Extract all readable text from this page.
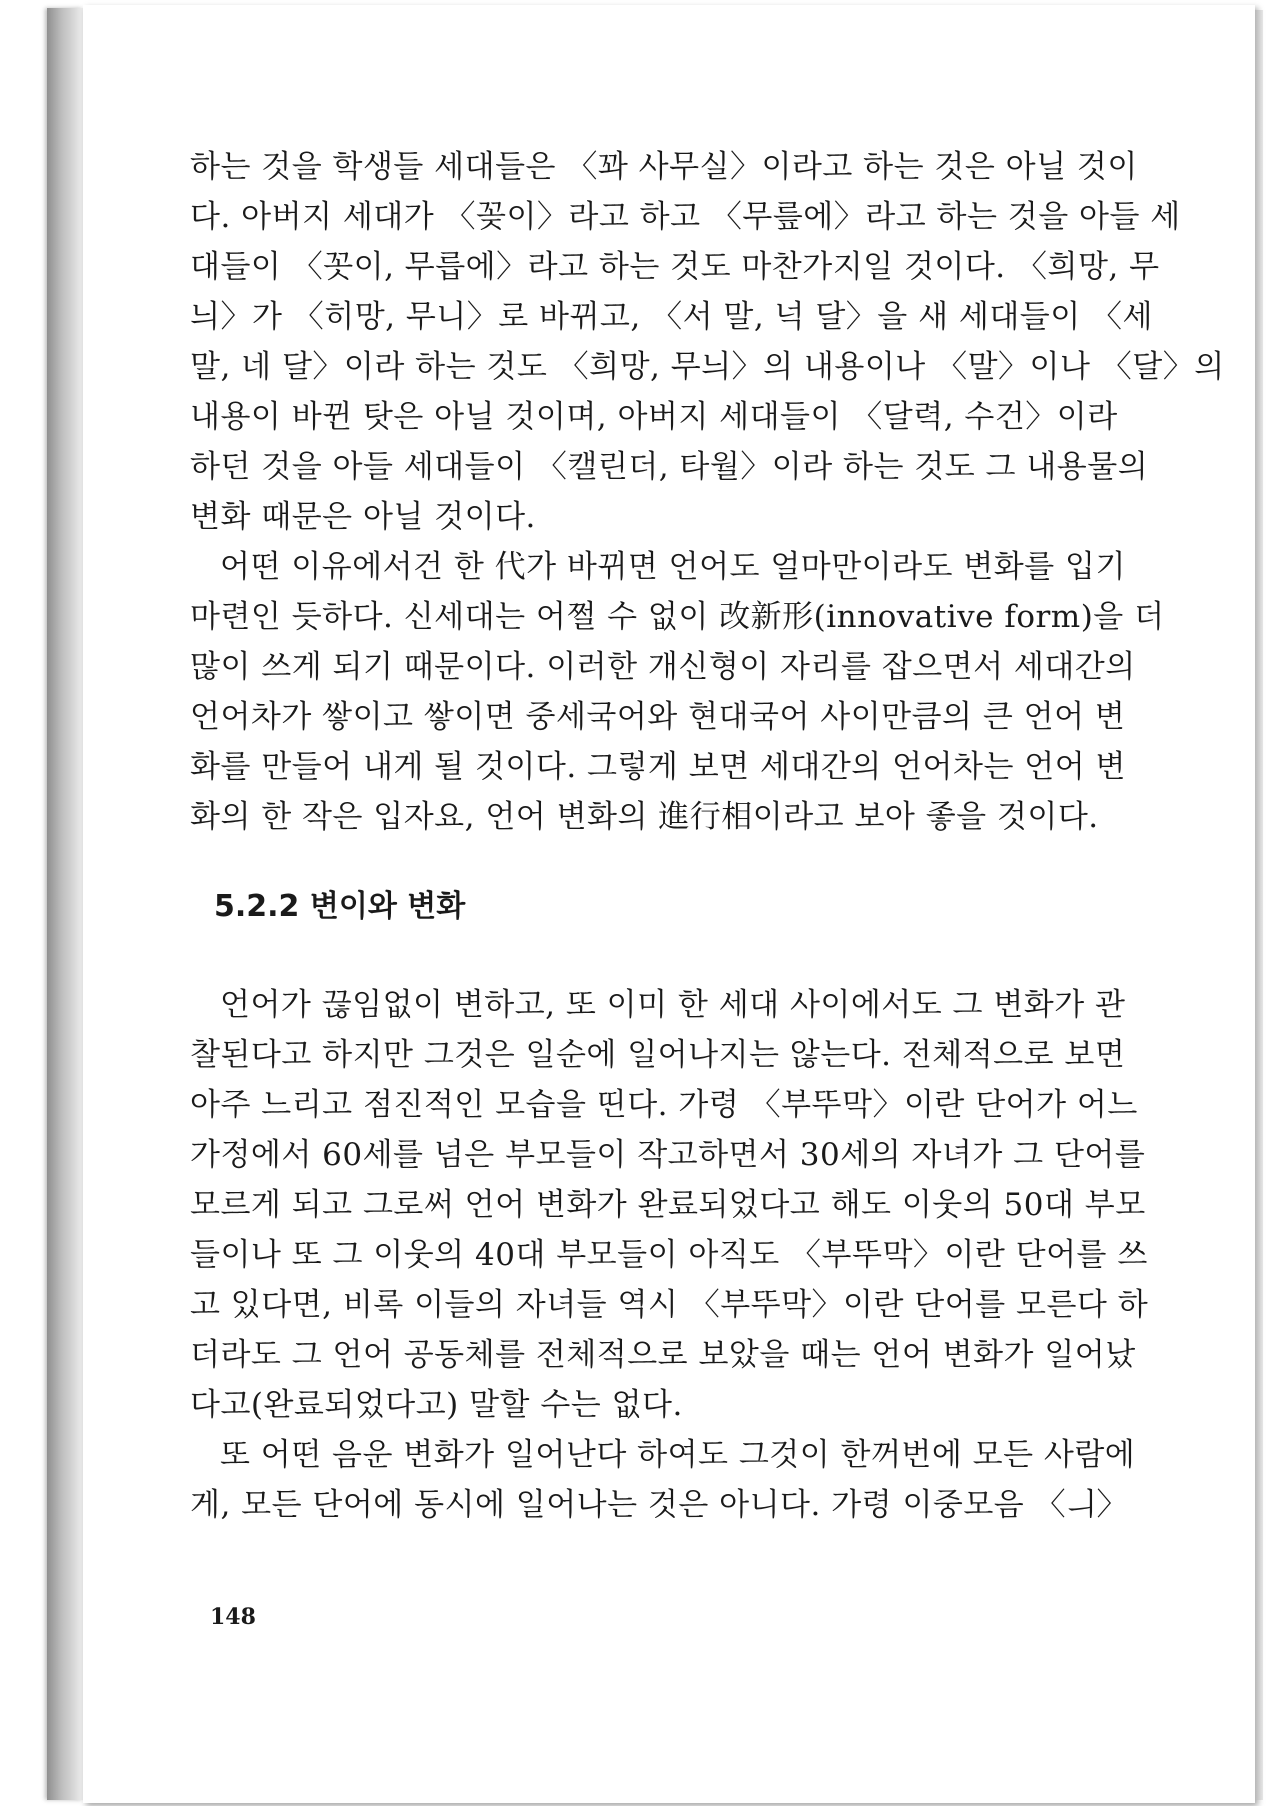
하는 것을 학생들 세대들은 〈꽈 사무실〉이라고 하는 것은 아닐 것이
다. 아버지 세대가 〈꽂이〉라고 하고 〈무릎에〉라고 하는 것을 아들 세
대들이 〈꼿이, 무릅에〉라고 하는 것도 마찬가지일 것이다. 〈희망, 무
늬〉가 〈히망, 무니〉로 바뀌고, 〈서 말, 넉 달〉을 새 세대들이 〈세
말, 네 달〉이라 하는 것도 〈희망, 무늬〉의 내용이나 〈말〉이나 〈달〉의
내용이 바뀐 탓은 아닐 것이며, 아버지 세대들이 〈달력, 수건〉이라
하던 것을 아들 세대들이 〈캘린더, 타월〉이라 하는 것도 그 내용물의
변화 때문은 아닐 것이다.
어떤 이유에서건 한 代가 바뀌면 언어도 얼마만이라도 변화를 입기
마련인 듯하다. 신세대는 어쩔 수 없이 改新形(innovative form)을 더
많이 쓰게 되기 때문이다. 이러한 개신형이 자리를 잡으면서 세대간의
언어차가 쌓이고 쌓이면 중세국어와 현대국어 사이만큼의 큰 언어 변
화를 만들어 내게 될 것이다. 그렇게 보면 세대간의 언어차는 언어 변
화의 한 작은 입자요, 언어 변화의 進行相이라고 보아 좋을 것이다.
5.2.2 변이와 변화
언어가 끊임없이 변하고, 또 이미 한 세대 사이에서도 그 변화가 관
찰된다고 하지만 그것은 일순에 일어나지는 않는다. 전체적으로 보면
아주 느리고 점진적인 모습을 띤다. 가령 〈부뚜막〉이란 단어가 어느
가정에서 60세를 넘은 부모들이 작고하면서 30세의 자녀가 그 단어를
모르게 되고 그로써 언어 변화가 완료되었다고 해도 이웃의 50대 부모
들이나 또 그 이웃의 40대 부모들이 아직도 〈부뚜막〉이란 단어를 쓰
고 있다면, 비록 이들의 자녀들 역시 〈부뚜막〉이란 단어를 모른다 하
더라도 그 언어 공동체를 전체적으로 보았을 때는 언어 변화가 일어났
다고(완료되었다고) 말할 수는 없다.
또 어떤 음운 변화가 일어난다 하여도 그것이 한꺼번에 모든 사람에
게, 모든 단어에 동시에 일어나는 것은 아니다. 가령 이중모음 〈ㅢ〉
148
